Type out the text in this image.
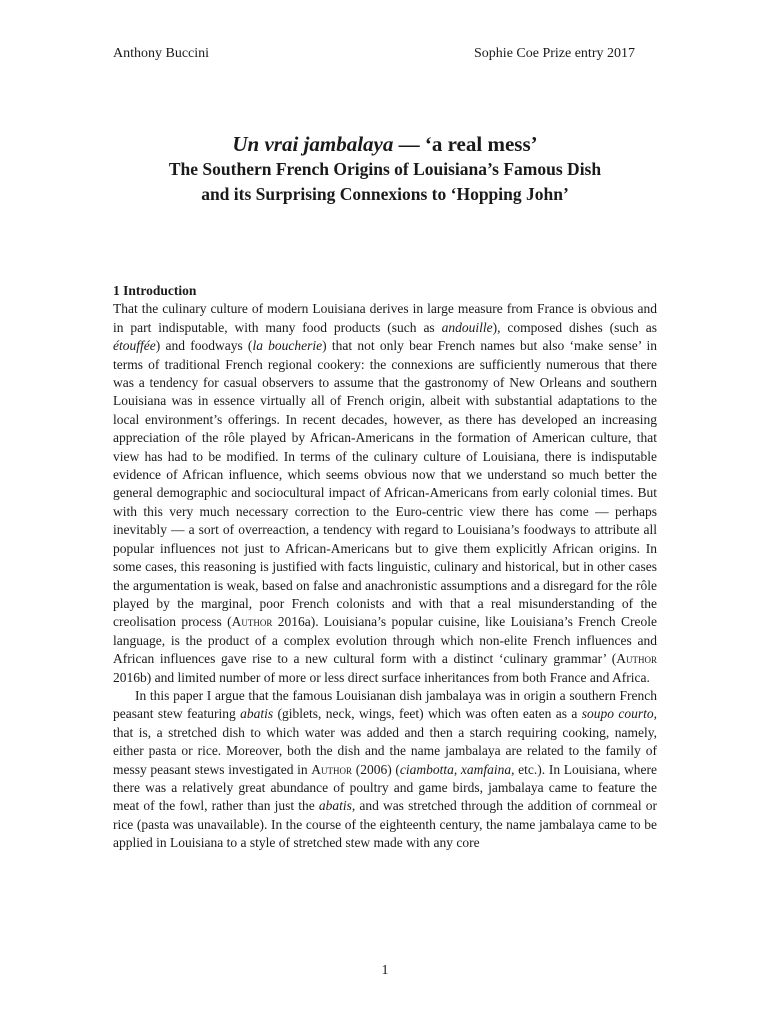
Anthony Buccini	Sophie Coe Prize entry 2017

Un vrai jambalaya — ‘a real mess’

The Southern French Origins of Louisiana’s Famous Dish

and its Surprising Connexions to ‘Hopping John’

1 Introduction

That the culinary culture of modern Louisiana derives in large measure from France is obvious and in part indisputable, with many food products (such as andouille), composed dishes (such as étouffée) and foodways (la boucherie) that not only bear French names but also ‘make sense’ in terms of traditional French regional cookery: the connexions are sufficiently numerous that there was a tendency for casual observers to assume that the gastronomy of New Orleans and southern Louisiana was in essence virtually all of French origin, albeit with substantial adaptations to the local environment’s offerings. In recent decades, however, as there has developed an increasing appreciation of the rôle played by African-Americans in the formation of American culture, that view has had to be modified. In terms of the culinary culture of Louisiana, there is indisputable evidence of African influence, which seems obvious now that we understand so much better the general demographic and sociocultural impact of African-Americans from early colonial times. But with this very much necessary correction to the Euro-centric view there has come — perhaps inevitably — a sort of overreaction, a tendency with regard to Louisiana’s foodways to attribute all popular influences not just to African-Americans but to give them explicitly African origins. In some cases, this reasoning is justified with facts linguistic, culinary and historical, but in other cases the argumentation is weak, based on false and anachronistic assumptions and a disregard for the rôle played by the marginal, poor French colonists and with that a real misunderstanding of the creolisation process (Author 2016a). Louisiana’s popular cuisine, like Louisiana’s French Creole language, is the product of a complex evolution through which non-elite French influences and African influences gave rise to a new cultural form with a distinct ‘culinary grammar’ (Author 2016b) and limited number of more or less direct surface inheritances from both France and Africa.

In this paper I argue that the famous Louisianan dish jambalaya was in origin a southern French peasant stew featuring abatis (giblets, neck, wings, feet) which was often eaten as a soupo courto, that is, a stretched dish to which water was added and then a starch requiring cooking, namely, either pasta or rice. Moreover, both the dish and the name jambalaya are related to the family of messy peasant stews investigated in Author (2006) (ciambotta, xamfaina, etc.). In Louisiana, where there was a relatively great abundance of poultry and game birds, jambalaya came to feature the meat of the fowl, rather than just the abatis, and was stretched through the addition of cornmeal or rice (pasta was unavailable). In the course of the eighteenth century, the name jambalaya came to be applied in Louisiana to a style of stretched stew made with any core

1
